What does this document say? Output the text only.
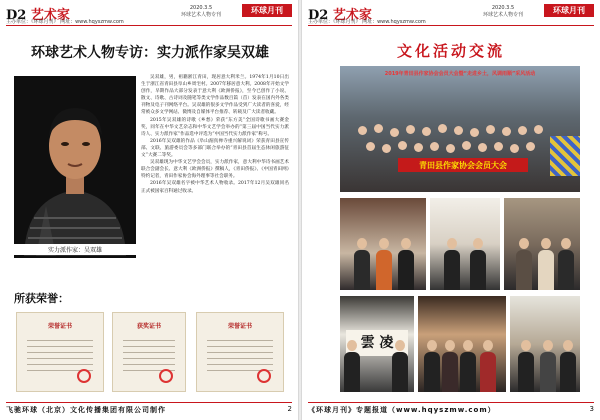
D2 艺术家	2020.3.5
环球艺术人物专刊	环球月刊
主办单位：《环球月刊》 网址：www.hqyszmw.com
环球艺术人物专访：实力派作家吴双雄
实力派作家：吴双雄

吴双雄，男，祖籍浙江青田，现居意大利米兰。1974年1月10日出生于浙江省青田县阜山乡周宅村。2007年移居意大利。2008年开始文学创作，早期作品大部分发表于意大利《欧洲侨报》，至今已创作了小说、散文、诗歌、古诗词及随笔等类文学作品数百篇（首）发表在国内外各类刊物及电子刊网络平台。吴双雄的很多文学作品受到广大读者的喜爱，经常被众多文学网站、微博及自媒体平台推荐、转载及广大读者收藏。

2015年吴双雄的诗歌《乡愁》荣获“东方美“全国诗歌书画大赛金奖，同年在中华文艺杂志和中华文艺学会举办的“第三届中国当代实力派诗人、实力派作家”作品选中评选为“中国当代实力派作家”称号。

2016年吴双雄的作品《阜山湄真禅寺重兴解说词》荣获青田县宣传部、文联、旅游委员会等多部门联合举办的“青田县首届生态休闲旅游征文”大赛二等奖。

吴双雄现为中华文艺学会会员，实力派作家，意大利中华诗书画艺术联合会副会长、意大利《欧洲侨报》撰稿人，《青田侨报》、《中国青田网》特约记者，青田作家协会海外理事等社会职务。

2016年吴双雄名字被中华艺术人物收录。2017年12月吴双雄同名正式被国家百科通过收录。

所获荣誉：
荣誉证书	获奖证书	荣誉证书
飞驰环球（北京）文化传播集团有限公司制作	2
D2 艺术家	2020.3.5
环球艺术人物专刊	环球月刊
主办单位：《环球月刊》 网址：www.hqyszmw.com
文化活动交流
2019年青田县作家协会会员大会暨“走进乡土，风调雨顺”采风活动
青田县作家协会会员大会
雲 凌
《环球月刊》专题报道（www.hqyszmw.com）	3
